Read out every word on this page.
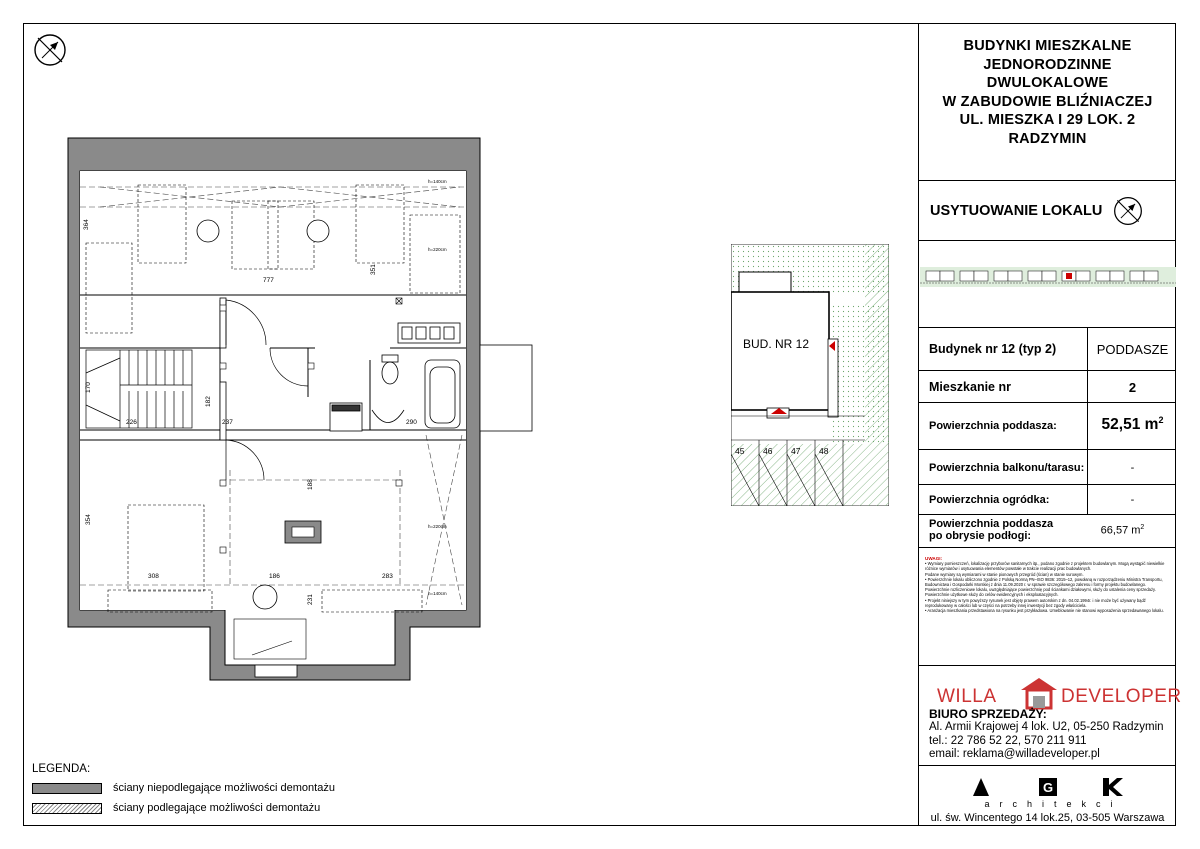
777
364
170
354
226	237	290
182
351
308	186	283
188
231
h=140cm
h=220cm
h=220cm
h=140cm
BUD. NR 12
45 46 47 48
LEGENDA:
ściany niepodlegające możliwości demontażu
ściany podlegające możliwości demontażu
BUDYNKI MIESZKALNE
JEDNORODZINNE
DWULOKALOWE
W ZABUDOWIE BLIŹNIACZEJ
UL. MIESZKA I 29 LOK. 2
RADZYMIN
USYTUOWANIE LOKALU
Budynek nr 12 (typ 2)	PODDASZE
Mieszkanie nr	2
Powierzchnia poddasza:	52,51 $m^2$
Powierzchnia balkonu/tarasu:	-
Powierzchnia ogródka:	-
Powierzchnia poddasza
po obrysie podłogi:	66,57 $m^2$
UWAGI:
• Wymiary pomieszczeń, lokalizację przyborów sanitarnych itp., podano zgodnie z projektem budowlanym. Mogą wystąpić niewielkie różnice wymiarów i usytuowania elementów powstałe w trakcie realizacji prac budowlanych.
Podane wymiary są wymiarami w stanie pionowych przegród (ścian) w stanie surowym.
• Powierzchnie lokalu obliczono zgodnie z Polską Normą PN–ISO 9836: 2015–12, powołaną w rozporządzeniu Ministra Transportu, Budownictwa i Gospodarki Morskiej z dnia 11.09.2020 r. w sprawie szczegółowego zakresu i formy projektu budowlanego. Powierzchnie rozliczeniowe lokalu, uwzględniające powierzchnię pod ściankami działowymi, służy do ustalenia ceny sprzedaży. Powierzchnie użytkowe służy do celów ewidencyjnych i eksploatacyjnych.
• Projekt niniejszy w tym powyższy rysunek jest objęty prawem autorskim z dn. 04.02.1994r. i nie może być używany bądź reprodukowany w całości lub w części na potrzeby innej inwestycji bez zgody właściciela.
• Aranżacja mieszkania przedstawiona na rysunku jest przykładowa. Umeblowanie nie stanowi wyposażenia sprzedawanego lokalu.
WILLA	DEVELOPER
BIURO SPRZEDAŻY:
Al. Armii Krajowej 4 lok. U2, 05-250 Radzymin
tel.: 22 786 52 22, 570 211 911
email: reklama@willadeveloper.pl
G
architekci
ul. św. Wincentego 14 lok.25, 03-505 Warszawa
